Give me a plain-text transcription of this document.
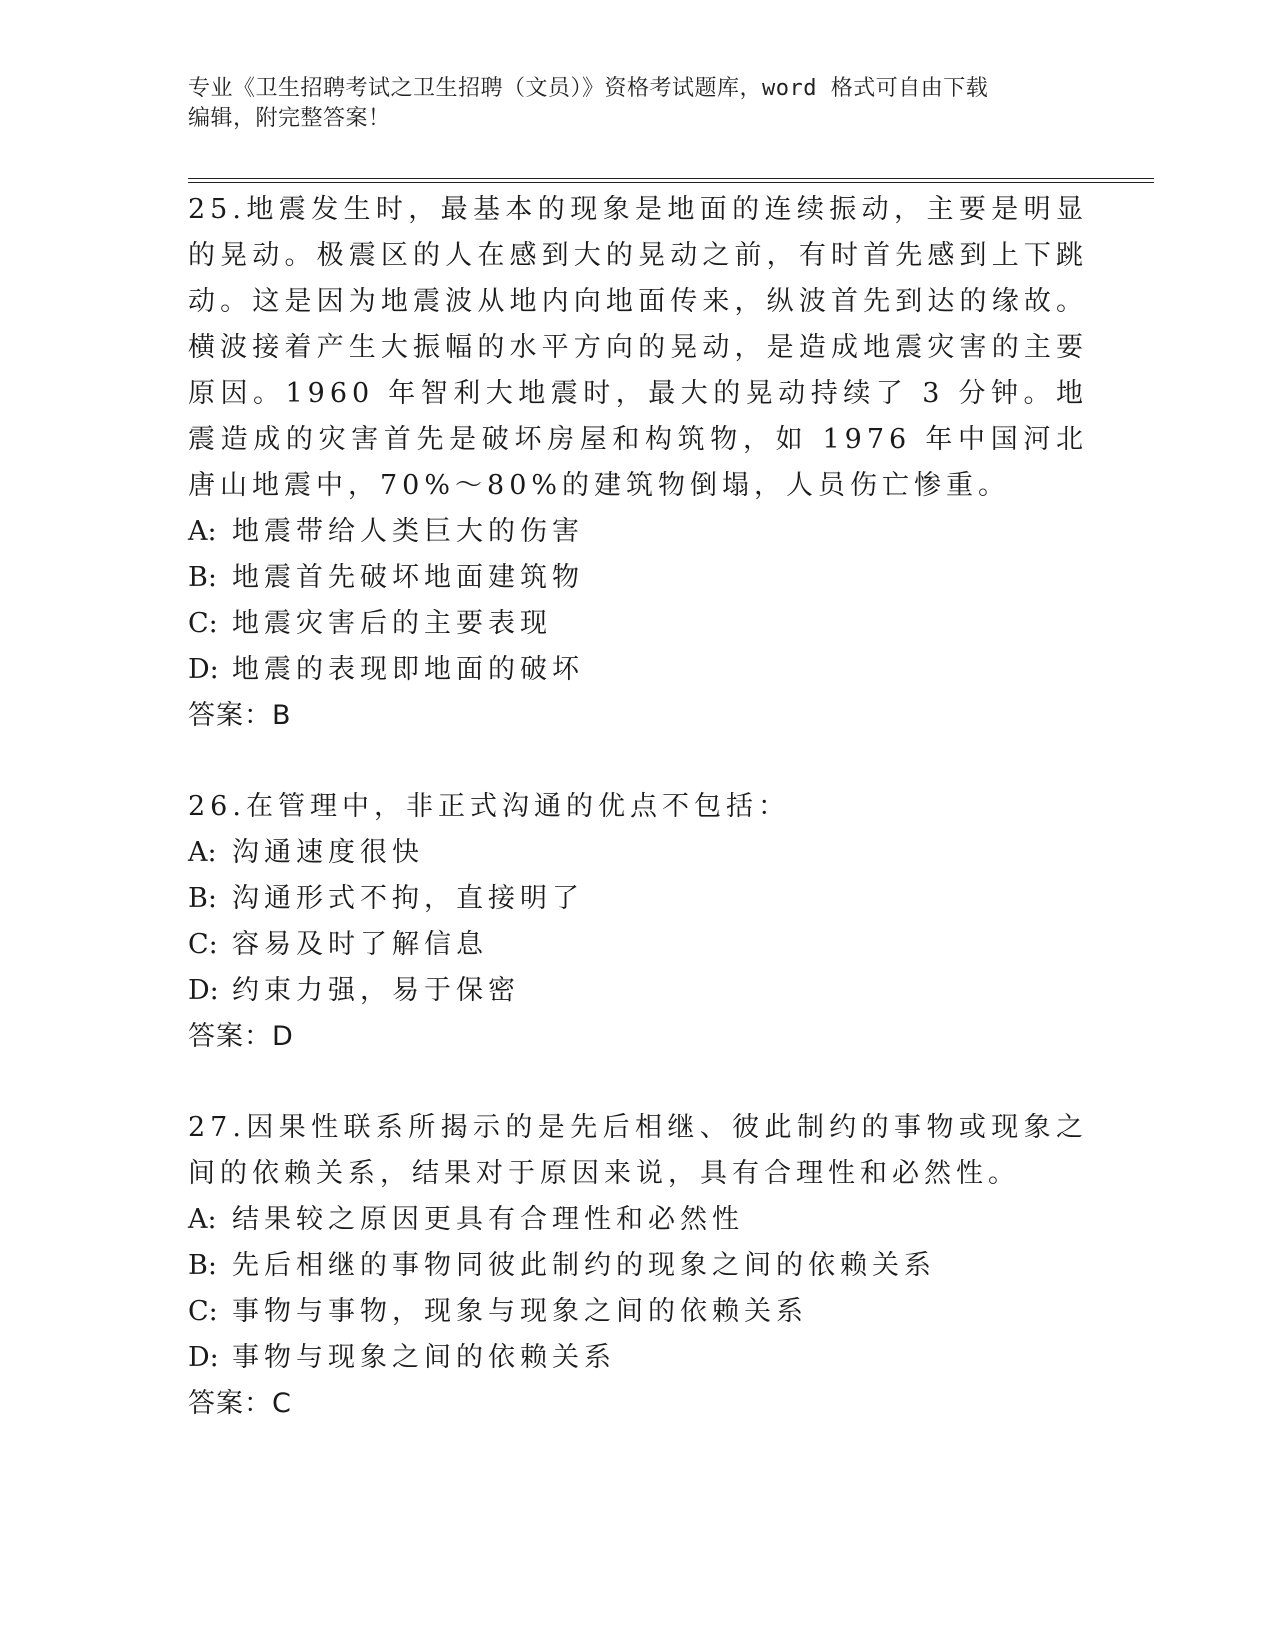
专业《卫生招聘考试之卫生招聘（文员）》资格考试题库，word 格式可自由下载
编辑，附完整答案！

25.地震发生时，最基本的现象是地面的连续振动，主要是明显的晃动。极震区的人在感到大的晃动之前，有时首先感到上下跳动。这是因为地震波从地内向地面传来，纵波首先到达的缘故。横波接着产生大振幅的水平方向的晃动，是造成地震灾害的主要原因。1960 年智利大地震时，最大的晃动持续了 3 分钟。地震造成的灾害首先是破坏房屋和构筑物，如 1976 年中国河北唐山地震中，70%～80%的建筑物倒塌，人员伤亡惨重。

A: 地震带给人类巨大的伤害

B: 地震首先破坏地面建筑物

C: 地震灾害后的主要表现

D: 地震的表现即地面的破坏

答案：B

26.在管理中，非正式沟通的优点不包括：

A: 沟通速度很快

B: 沟通形式不拘，直接明了

C: 容易及时了解信息

D: 约束力强，易于保密

答案：D

27.因果性联系所揭示的是先后相继、彼此制约的事物或现象之间的依赖关系，结果对于原因来说，具有合理性和必然性。

A: 结果较之原因更具有合理性和必然性

B: 先后相继的事物同彼此制约的现象之间的依赖关系

C: 事物与事物，现象与现象之间的依赖关系

D: 事物与现象之间的依赖关系

答案：C
